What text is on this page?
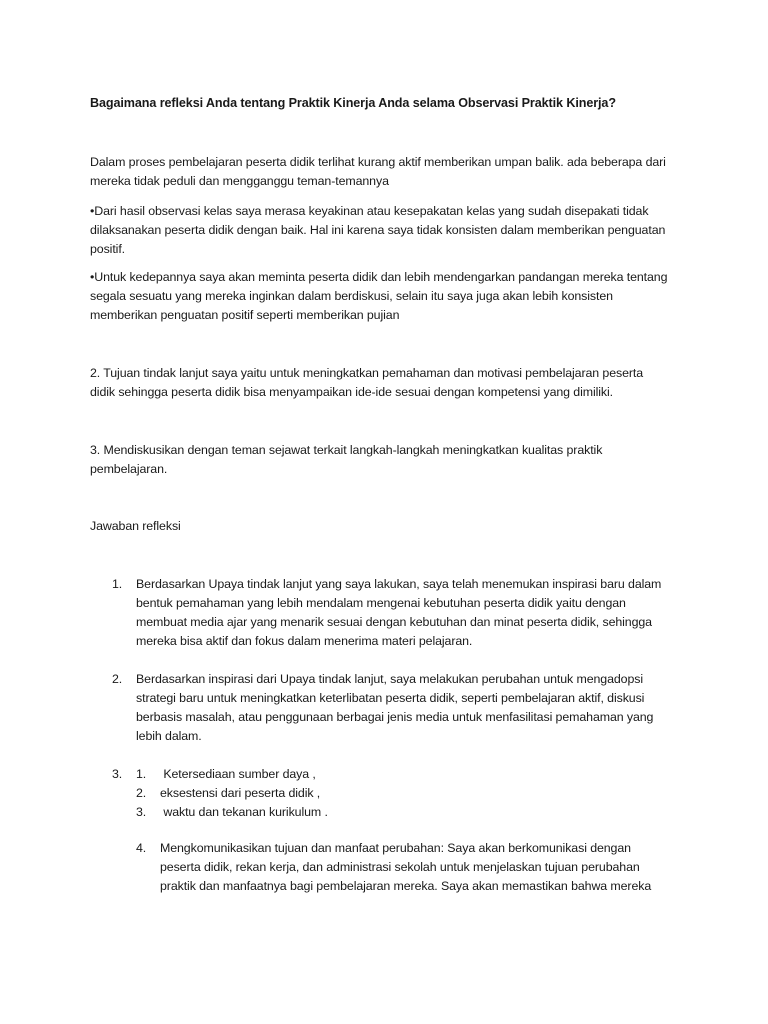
Bagaimana refleksi Anda tentang Praktik Kinerja Anda selama Observasi Praktik Kinerja?
Dalam proses pembelajaran peserta didik terlihat kurang aktif memberikan umpan balik. ada beberapa dari mereka tidak peduli dan mengganggu teman-temannya
•Dari hasil observasi kelas saya merasa keyakinan atau kesepakatan kelas yang sudah disepakati tidak dilaksanakan peserta didik dengan baik. Hal ini karena saya tidak konsisten dalam memberikan penguatan positif.
•Untuk kedepannya saya akan meminta peserta didik dan lebih mendengarkan pandangan mereka tentang segala sesuatu yang mereka inginkan dalam berdiskusi, selain itu saya juga akan lebih konsisten memberikan penguatan positif seperti memberikan pujian
2. Tujuan tindak lanjut saya yaitu untuk meningkatkan pemahaman dan motivasi pembelajaran peserta didik sehingga peserta didik bisa menyampaikan ide-ide sesuai dengan kompetensi yang dimiliki.
3. Mendiskusikan dengan teman sejawat terkait langkah-langkah meningkatkan kualitas praktik pembelajaran.
Jawaban refleksi
1. Berdasarkan Upaya tindak lanjut yang saya lakukan, saya telah menemukan inspirasi baru dalam bentuk pemahaman yang lebih mendalam mengenai kebutuhan peserta didik yaitu dengan membuat media ajar yang menarik sesuai dengan kebutuhan dan minat peserta didik, sehingga mereka bisa aktif dan fokus dalam menerima materi pelajaran.
2. Berdasarkan inspirasi dari Upaya tindak lanjut, saya melakukan perubahan untuk mengadopsi strategi baru untuk meningkatkan keterlibatan peserta didik, seperti pembelajaran aktif, diskusi berbasis masalah, atau penggunaan berbagai jenis media untuk menfasilitasi pemahaman yang lebih dalam.
3. 1. Ketersediaan sumber daya ,
2. eksestensi dari peserta didik ,
3. waktu dan tekanan kurikulum .
4. Mengkomunikasikan tujuan dan manfaat perubahan: Saya akan berkomunikasi dengan peserta didik, rekan kerja, dan administrasi sekolah untuk menjelaskan tujuan perubahan praktik dan manfaatnya bagi pembelajaran mereka. Saya akan memastikan bahwa mereka
